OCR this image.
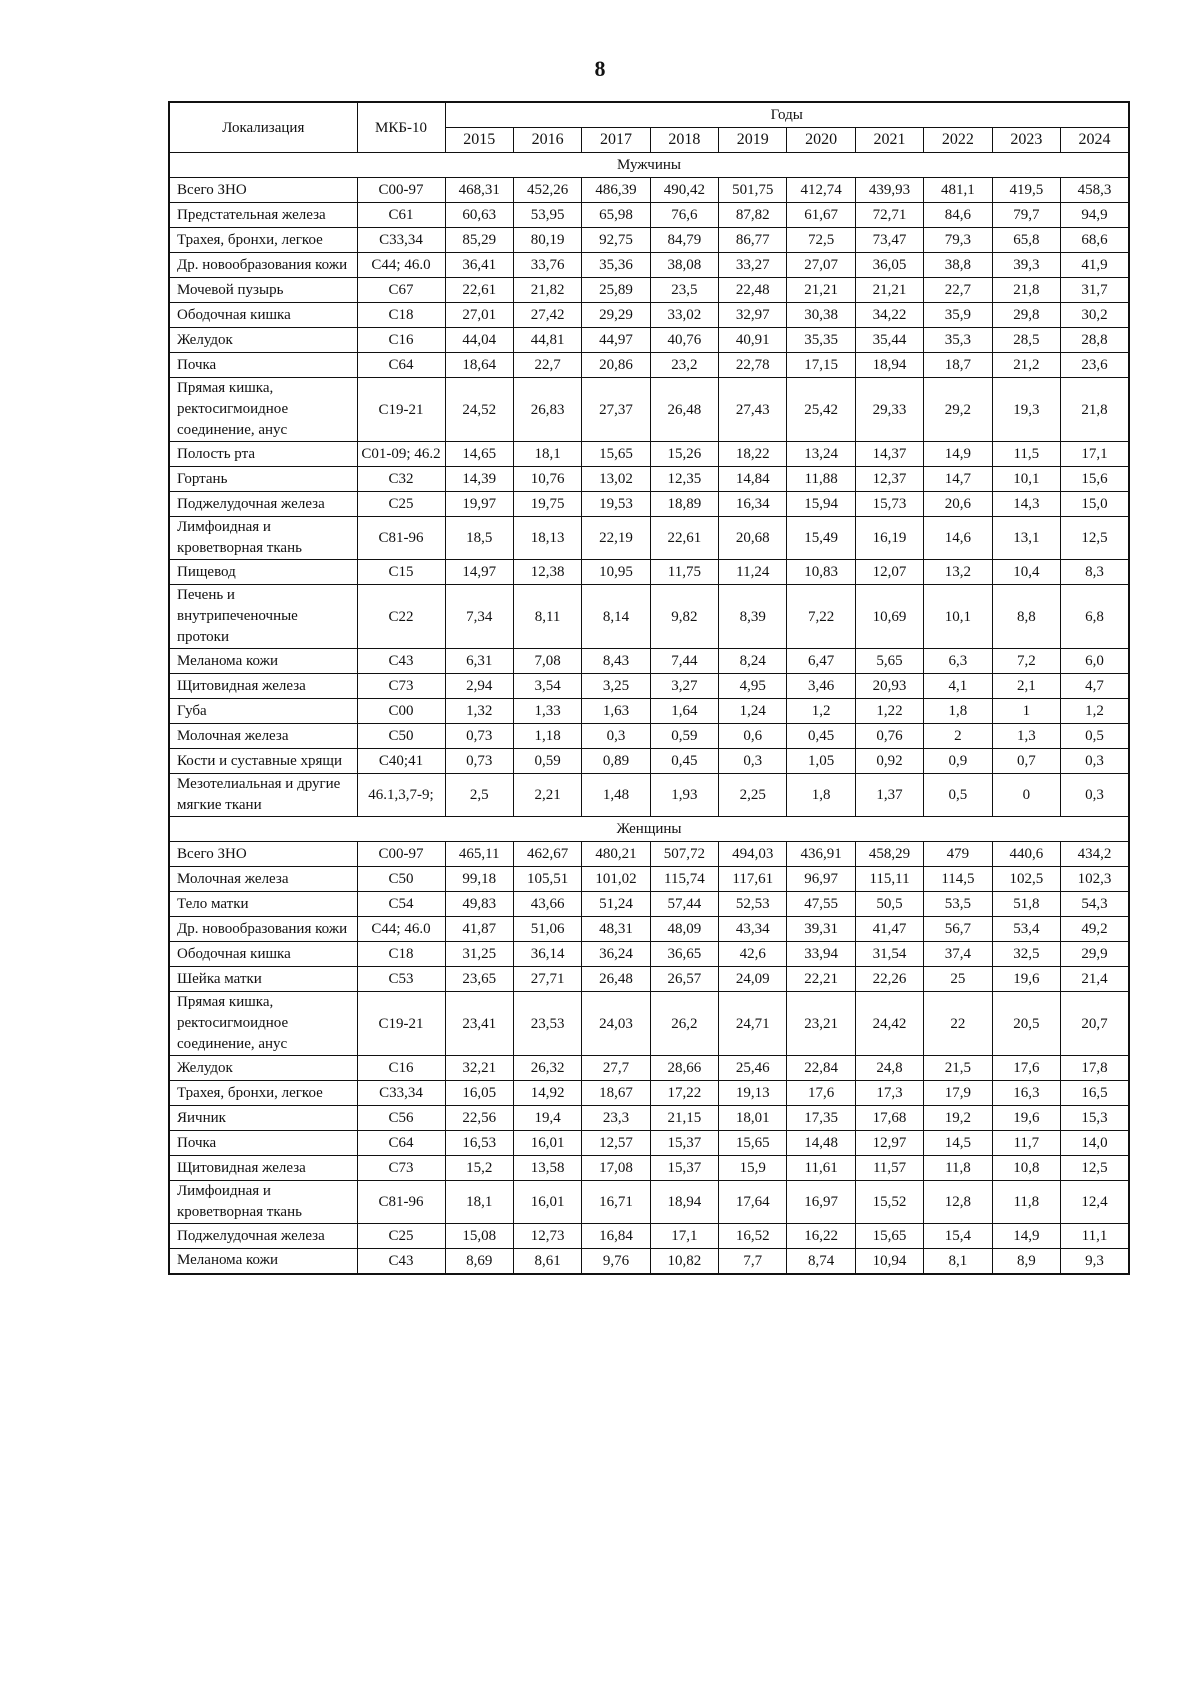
8
Локализация	МКБ-10	Годы									
		2015	2016	2017	2018	2019	2020	2021	2022	2023	2024
Мужчины											
Всего ЗНО	С00-97	468,31	452,26	486,39	490,42	501,75	412,74	439,93	481,1	419,5	458,3
Предстательная железа	С61	60,63	53,95	65,98	76,6	87,82	61,67	72,71	84,6	79,7	94,9
Трахея, бронхи, легкое	С33,34	85,29	80,19	92,75	84,79	86,77	72,5	73,47	79,3	65,8	68,6
Др. новообразования кожи	С44; 46.0	36,41	33,76	35,36	38,08	33,27	27,07	36,05	38,8	39,3	41,9
Мочевой пузырь	С67	22,61	21,82	25,89	23,5	22,48	21,21	21,21	22,7	21,8	31,7
Ободочная кишка	С18	27,01	27,42	29,29	33,02	32,97	30,38	34,22	35,9	29,8	30,2
Желудок	С16	44,04	44,81	44,97	40,76	40,91	35,35	35,44	35,3	28,5	28,8
Почка	С64	18,64	22,7	20,86	23,2	22,78	17,15	18,94	18,7	21,2	23,6
Прямая кишка, ректосигмоидное соединение, анус	С19-21	24,52	26,83	27,37	26,48	27,43	25,42	29,33	29,2	19,3	21,8
Полость рта	С01-09; 46.2	14,65	18,1	15,65	15,26	18,22	13,24	14,37	14,9	11,5	17,1
Гортань	С32	14,39	10,76	13,02	12,35	14,84	11,88	12,37	14,7	10,1	15,6
Поджелудочная железа	С25	19,97	19,75	19,53	18,89	16,34	15,94	15,73	20,6	14,3	15,0
Лимфоидная и кроветворная ткань	С81-96	18,5	18,13	22,19	22,61	20,68	15,49	16,19	14,6	13,1	12,5
Пищевод	С15	14,97	12,38	10,95	11,75	11,24	10,83	12,07	13,2	10,4	8,3
Печень и внутрипеченочные протоки	С22	7,34	8,11	8,14	9,82	8,39	7,22	10,69	10,1	8,8	6,8
Меланома кожи	С43	6,31	7,08	8,43	7,44	8,24	6,47	5,65	6,3	7,2	6,0
Щитовидная железа	С73	2,94	3,54	3,25	3,27	4,95	3,46	20,93	4,1	2,1	4,7
Губа	С00	1,32	1,33	1,63	1,64	1,24	1,2	1,22	1,8	1	1,2
Молочная железа	С50	0,73	1,18	0,3	0,59	0,6	0,45	0,76	2	1,3	0,5
Кости и суставные хрящи	С40;41	0,73	0,59	0,89	0,45	0,3	1,05	0,92	0,9	0,7	0,3
Мезотелиальная и другие мягкие ткани	46.1,3,7-9;	2,5	2,21	1,48	1,93	2,25	1,8	1,37	0,5	0	0,3
Женщины											
Всего ЗНО	С00-97	465,11	462,67	480,21	507,72	494,03	436,91	458,29	479	440,6	434,2
Молочная железа	С50	99,18	105,51	101,02	115,74	117,61	96,97	115,11	114,5	102,5	102,3
Тело матки	С54	49,83	43,66	51,24	57,44	52,53	47,55	50,5	53,5	51,8	54,3
Др. новообразования кожи	С44; 46.0	41,87	51,06	48,31	48,09	43,34	39,31	41,47	56,7	53,4	49,2
Ободочная кишка	С18	31,25	36,14	36,24	36,65	42,6	33,94	31,54	37,4	32,5	29,9
Шейка матки	С53	23,65	27,71	26,48	26,57	24,09	22,21	22,26	25	19,6	21,4
Прямая кишка, ректосигмоидное соединение, анус	С19-21	23,41	23,53	24,03	26,2	24,71	23,21	24,42	22	20,5	20,7
Желудок	С16	32,21	26,32	27,7	28,66	25,46	22,84	24,8	21,5	17,6	17,8
Трахея, бронхи, легкое	С33,34	16,05	14,92	18,67	17,22	19,13	17,6	17,3	17,9	16,3	16,5
Яичник	С56	22,56	19,4	23,3	21,15	18,01	17,35	17,68	19,2	19,6	15,3
Почка	С64	16,53	16,01	12,57	15,37	15,65	14,48	12,97	14,5	11,7	14,0
Щитовидная железа	С73	15,2	13,58	17,08	15,37	15,9	11,61	11,57	11,8	10,8	12,5
Лимфоидная и кроветворная ткань	С81-96	18,1	16,01	16,71	18,94	17,64	16,97	15,52	12,8	11,8	12,4
Поджелудочная железа	С25	15,08	12,73	16,84	17,1	16,52	16,22	15,65	15,4	14,9	11,1
Меланома кожи	С43	8,69	8,61	9,76	10,82	7,7	8,74	10,94	8,1	8,9	9,3
